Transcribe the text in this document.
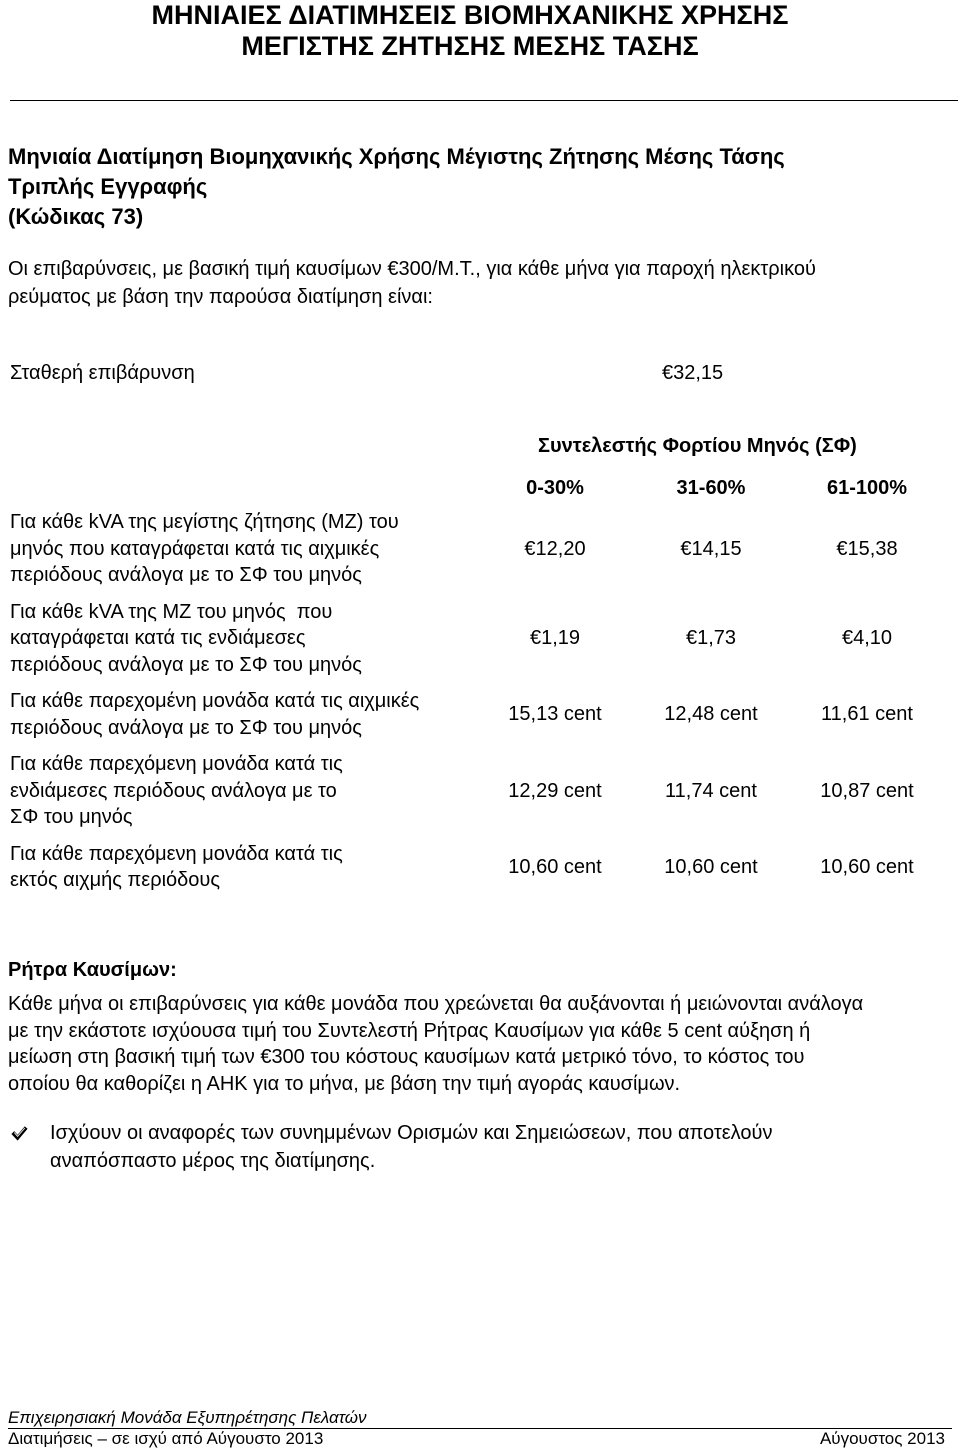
ΜΗΝΙΑΙΕΣ ΔΙΑΤΙΜΗΣΕΙΣ ΒΙΟΜΗΧΑΝΙΚΗΣ ΧΡΗΣΗΣ
ΜΕΓΙΣΤΗΣ ΖΗΤΗΣΗΣ ΜΕΣΗΣ ΤΑΣΗΣ
Μηνιαία Διατίμηση Βιομηχανικής Χρήσης Μέγιστης Ζήτησης Μέσης Τάσης
Τριπλής Εγγραφής
(Κώδικας 73)
Οι επιβαρύνσεις, με βασική τιμή καυσίμων €300/Μ.Τ., για κάθε μήνα για παροχή ηλεκτρικού
ρεύματος με βάση την παρούσα διατίμηση είναι:
Σταθερή επιβάρυνση	€32,15
Συντελεστής Φορτίου Μηνός (ΣΦ)
0-30%	31-60%	61-100%
Για κάθε kVA της μεγίστης ζήτησης (ΜΖ) του
μηνός που καταγράφεται κατά τις αιχμικές
περιόδους ανάλογα με το ΣΦ του μηνός
€12,20	€14,15	€15,38
Για κάθε kVA της ΜΖ του μηνός  που
καταγράφεται κατά τις ενδιάμεσες
περιόδους ανάλογα με το ΣΦ του μηνός
€1,19	€1,73	€4,10
Για κάθε παρεχομένη μονάδα κατά τις αιχμικές
περιόδους ανάλογα με το ΣΦ του μηνός
15,13 cent	12,48 cent	11,61 cent
Για κάθε παρεχόμενη μονάδα κατά τις
ενδιάμεσες περιόδους ανάλογα με το
ΣΦ του μηνός
12,29 cent	11,74 cent	10,87 cent
Για κάθε παρεχόμενη μονάδα κατά τις
εκτός αιχμής περιόδους
10,60 cent	10,60 cent	10,60 cent
Ρήτρα Καυσίμων:
Κάθε μήνα οι επιβαρύνσεις για κάθε μονάδα που χρεώνεται θα αυξάνονται ή μειώνονται ανάλογα
με την εκάστοτε ισχύουσα τιμή του Συντελεστή Ρήτρας Καυσίμων για κάθε 5 cent αύξηση ή
μείωση στη βασική τιμή των €300 του κόστους καυσίμων κατά μετρικό τόνο, το κόστος του
οποίου θα καθορίζει η ΑΗΚ για το μήνα, με βάση την τιμή αγοράς καυσίμων.
Ισχύουν οι αναφορές των συνημμένων Ορισμών και Σημειώσεων, που αποτελούν
αναπόσπαστο μέρος της διατίμησης.
Επιχειρησιακή Μονάδα Εξυπηρέτησης Πελατών
Διατιμήσεις – σε ισχύ από Αύγουστο 2013	Αύγουστος 2013
